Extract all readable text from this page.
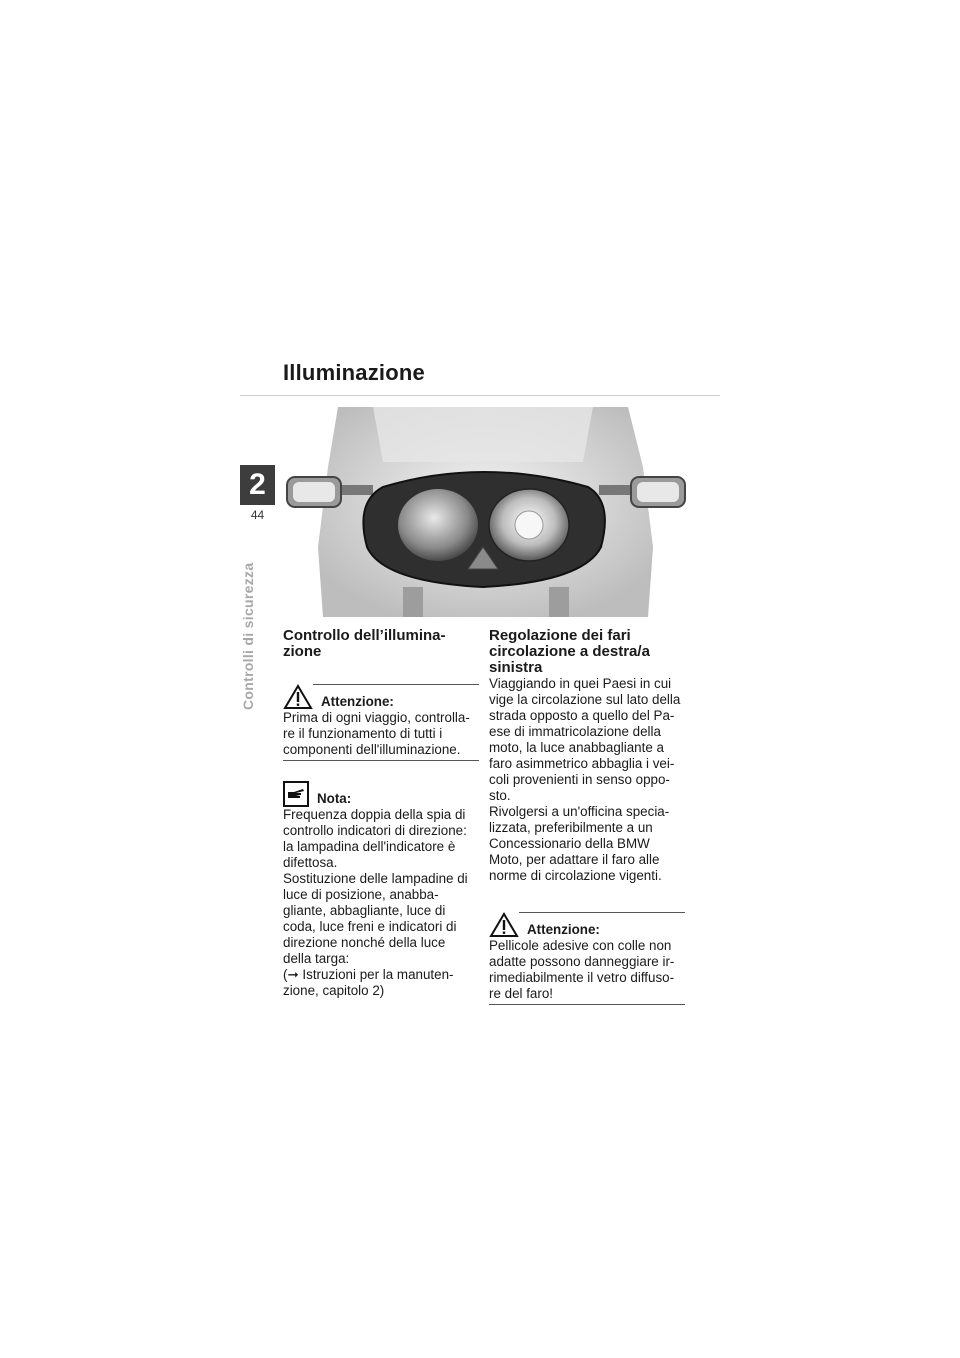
Illuminazione
2
44
Controlli di sicurezza Controllo dell’illumina-
zione
Attenzione:

Prima di ogni viaggio, controlla-
re il funzionamento di tutti i
componenti dell'illuminazione.

Nota:

Frequenza doppia della spia di
controllo indicatori di direzione:
la lampadina dell'indicatore è
difettosa.
Sostituzione delle lampadine di
luce di posizione, anabba-
gliante, abbagliante, luce di
coda, luce freni e indicatori di
direzione nonché della luce
della targa:
(➞ Istruzioni per la manuten-
zione, capitolo 2)

Regolazione dei fari
circolazione a destra/a
sinistra

Viaggiando in quei Paesi in cui
vige la circolazione sul lato della
strada opposto a quello del Pa-
ese di immatricolazione della
moto, la luce anabbagliante a
faro asimmetrico abbaglia i vei-
coli provenienti in senso oppo-
sto.
Rivolgersi a un'officina specia-
lizzata, preferibilmente a un
Concessionario della BMW
Moto, per adattare il faro alle
norme di circolazione vigenti.

Attenzione:

Pellicole adesive con colle non
adatte possono danneggiare ir-
rimediabilmente il vetro diffuso-
re del faro!
